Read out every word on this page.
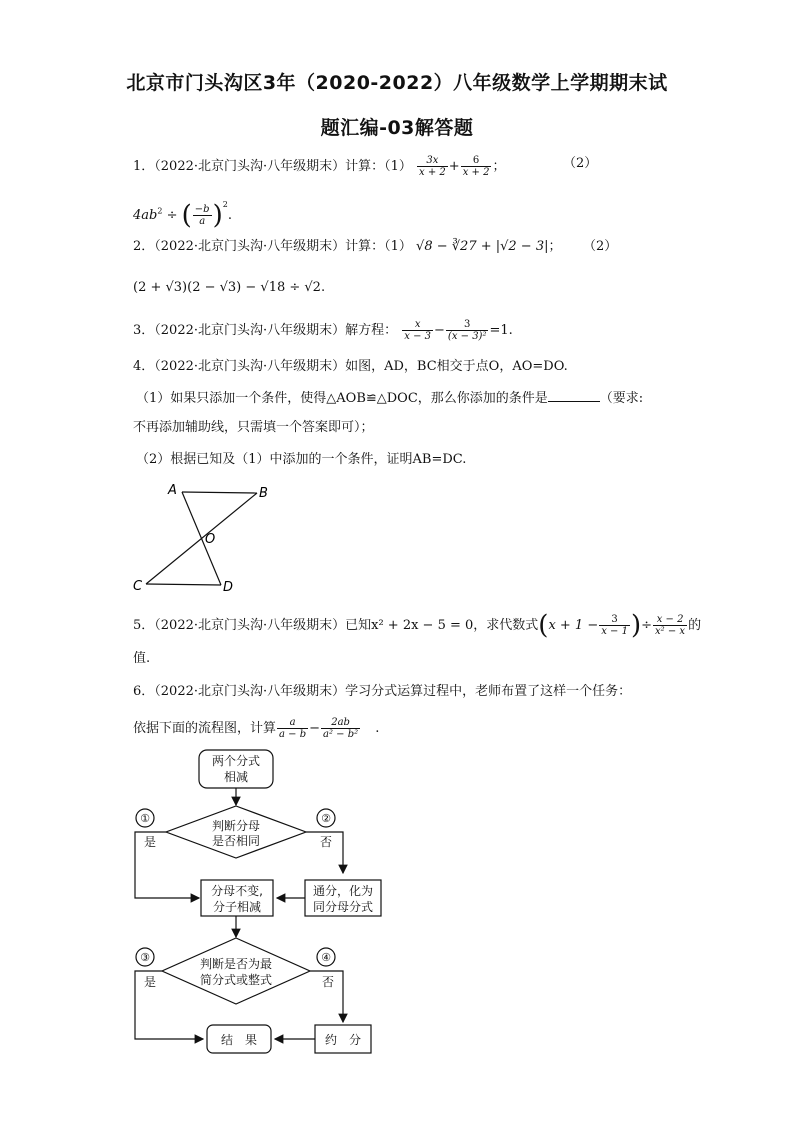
北京市门头沟区3年（2020-2022）八年级数学上学期期末试
题汇编-03解答题
1．（2022·北京门头沟·八年级期末）计算：$(1) \frac{3x}{x + 2} + \frac{6}{x + 2}$ ；	（2）
$4ab^2$ ÷ ( $\frac{-b}{a} )^2$.
2．（2022·北京门头沟·八年级期末）计算：（1） √8 − ∛27 + |√2 − 3|； （2）
(2 + √3)(2 − √3) − √18 ÷ √2.
3．（2022·北京门头沟·八年级期末）解方程： $\frac{x}{x - 3} - \frac{3}{\text{(x − 3)²}} =1$.
4．（2022·北京门头沟·八年级期末）如图，AD，BC相交于点O，AO=DO.
（1）如果只添加一个条件，使得△AOB≌△DOC，那么你添加的条件是	（要求:
不再添加辅助线，只需填一个答案即可）；
（2）根据已知及（1）中添加的一个条件，证明AB=DC.
A	B
O
C	D
5．（2022·北京门头沟·八年级期末）已知x² + 2x − 5 = 0，求代数式($x + 1 - \frac{3}{x - 1}$ )÷ $\frac{x - 2}{\text{x² − x}}$ 的
值.
6．（2022·北京门头沟·八年级期末）学习分式运算过程中，老师布置了这样一个任务：
依据下面的流程图，计算 $\frac{a}{a - b} - \frac{2ab}{\text{a² − b²}}$ .
两个分式
相减
判断分母
是否相同
分母不变,
分子相减
通分，化为
同分母分式
判断是否为最
简分式或整式
结　果	约　分
①	②
③	④
是	否
是	否
